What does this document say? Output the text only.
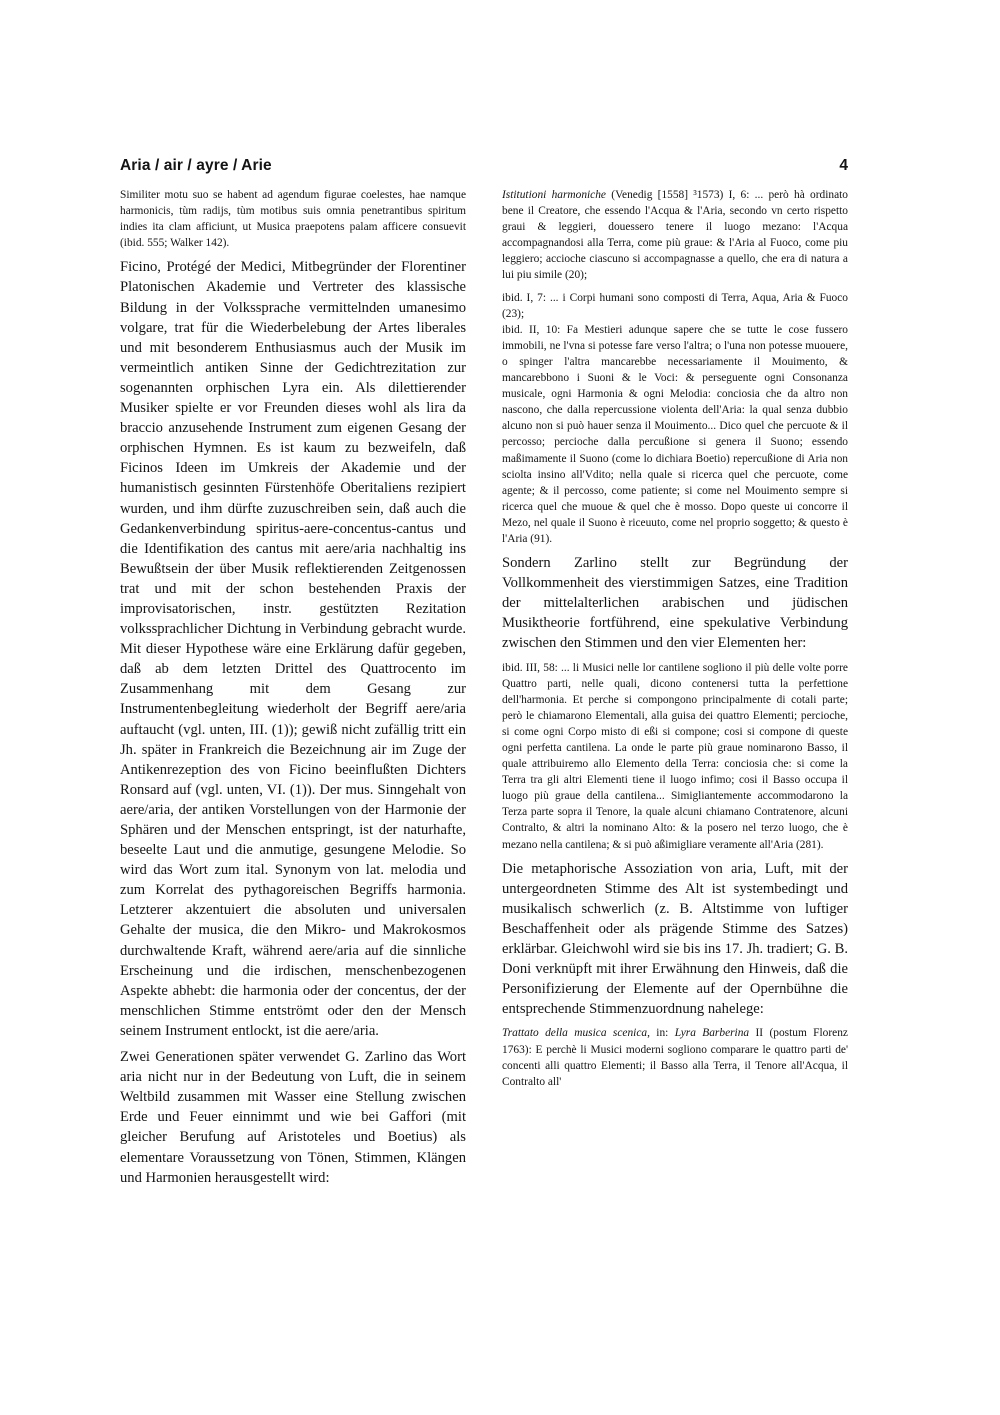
Aria / air / ayre / Arie	4

Similiter motu suo se habent ad agendum figurae coelestes, hae namque harmonicis, tùm radijs, tùm motibus suis omnia penetrantibus spiritum indies ita clam afficiunt, ut Musica praepotens palam afficere consuevit (ibid. 555; Walker 142).

Ficino, Protégé der Medici, Mitbegründer der Florentiner Platonischen Akademie und Vertreter des klassische Bildung in der Volkssprache vermittelnden umanesimo volgare, trat für die Wiederbelebung der Artes liberales und mit besonderem Enthusiasmus auch der Musik im vermeintlich antiken Sinne der Gedichtrezitation zur sogenannten orphischen Lyra ein. Als dilettierender Musiker spielte er vor Freunden dieses wohl als lira da braccio anzusehende Instrument zum eigenen Gesang der orphischen Hymnen. Es ist kaum zu bezweifeln, daß Ficinos Ideen im Umkreis der Akademie und der humanistisch gesinnten Fürstenhöfe Oberitaliens rezipiert wurden, und ihm dürfte zuzuschreiben sein, daß auch die Gedankenverbindung spiritus-aere-concentus-cantus und die Identifikation des cantus mit aere/aria nachhaltig ins Bewußtsein der über Musik reflektierenden Zeitgenossen trat und mit der schon bestehenden Praxis der improvisatorischen, instr. gestützten Rezitation volkssprachlicher Dichtung in Verbindung gebracht wurde. Mit dieser Hypothese wäre eine Erklärung dafür gegeben, daß ab dem letzten Drittel des Quattrocento im Zusammenhang mit dem Gesang zur Instrumentenbegleitung wiederholt der Begriff aere/aria auftaucht (vgl. unten, III. (1)); gewiß nicht zufällig tritt ein Jh. später in Frankreich die Bezeichnung air im Zuge der Antikenrezeption des von Ficino beeinflußten Dichters Ronsard auf (vgl. unten, VI. (1)). Der mus. Sinngehalt von aere/aria, der antiken Vorstellungen von der Harmonie der Sphären und der Menschen entspringt, ist der naturhafte, beseelte Laut und die anmutige, gesungene Melodie. So wird das Wort zum ital. Synonym von lat. melodia und zum Korrelat des pythagoreischen Begriffs harmonia. Letzterer akzentuiert die absoluten und universalen Gehalte der musica, die den Mikro- und Makrokosmos durchwaltende Kraft, während aere/aria auf die sinnliche Erscheinung und die irdischen, menschenbezogenen Aspekte abhebt: die harmonia oder der concentus, der der menschlichen Stimme entströmt oder den der Mensch seinem Instrument entlockt, ist die aere/aria.

Zwei Generationen später verwendet G. Zarlino das Wort aria nicht nur in der Bedeutung von Luft, die in seinem Weltbild zusammen mit Wasser eine Stellung zwischen Erde und Feuer einnimmt und wie bei Gaffori (mit gleicher Berufung auf Aristoteles und Boetius) als elementare Voraussetzung von Tönen, Stimmen, Klängen und Harmonien herausgestellt wird:

Istitutioni harmoniche (Venedig [1558] ³1573) I, 6: ... però hà ordinato bene il Creatore, che essendo l'Acqua & l'Aria, secondo vn certo rispetto graui & leggieri, douessero tenere il luogo mezano: l'Acqua accompagnandosi alla Terra, come più graue: & l'Aria al Fuoco, come piu leggiero; accioche ciascuno si accompagnasse a quello, che era di natura a lui piu simile (20);

ibid. I, 7: ... i Corpi humani sono composti di Terra, Aqua, Aria & Fuoco (23);

ibid. II, 10: Fa Mestieri adunque sapere che se tutte le cose fussero immobili, ne l'vna si potesse fare verso l'altra; o l'una non potesse muouere, o spinger l'altra mancarebbe necessariamente il Mouimento, & mancarebbono i Suoni & le Voci: & perseguente ogni Consonanza musicale, ogni Harmonia & ogni Melodia: conciosia che da altro non nascono, che dalla repercussione violenta dell'Aria: la qual senza dubbio alcuno non si può hauer senza il Mouimento... Dico quel che percuote & il percosso; percioche dalla percußione si genera il Suono; essendo maßimamente il Suono (come lo dichiara Boetio) repercußione di Aria non sciolta insino all'Vdito; nella quale si ricerca quel che percuote, come agente; & il percosso, come patiente; si come nel Mouimento sempre si ricerca quel che muoue & quel che è mosso. Dopo queste ui concorre il Mezo, nel quale il Suono è riceuuto, come nel proprio soggetto; & questo è l'Aria (91).

Sondern Zarlino stellt zur Begründung der Vollkommenheit des vierstimmigen Satzes, eine Tradition der mittelalterlichen arabischen und jüdischen Musiktheorie fortführend, eine spekulative Verbindung zwischen den Stimmen und den vier Elementen her:

ibid. III, 58: ... li Musici nelle lor cantilene sogliono il più delle volte porre Quattro parti, nelle quali, dicono contenersi tutta la perfettione dell'harmonia. Et perche si compongono principalmente di cotali parte; però le chiamarono Elementali, alla guisa dei quattro Elementi; percioche, si come ogni Corpo misto di eßi si compone; cosi si compone di queste ogni perfetta cantilena. La onde le parte più graue nominarono Basso, il quale attribuiremo allo Elemento della Terra: conciosia che: si come la Terra tra gli altri Elementi tiene il luogo infimo; cosi il Basso occupa il luogo più graue della cantilena... Simigliantemente accommodarono la Terza parte sopra il Tenore, la quale alcuni chiamano Contratenore, alcuni Contralto, & altri la nominano Alto: & la posero nel terzo luogo, che è mezano nella cantilena; & si può aßimigliare veramente all'Aria (281).

Die metaphorische Assoziation von aria, Luft, mit der untergeordneten Stimme des Alt ist systembedingt und musikalisch schwerlich (z. B. Altstimme von luftiger Beschaffenheit oder als prägende Stimme des Satzes) erklärbar. Gleichwohl wird sie bis ins 17. Jh. tradiert; G. B. Doni verknüpft mit ihrer Erwähnung den Hinweis, daß die Personifizierung der Elemente auf der Opernbühne die entsprechende Stimmenzuordnung nahelege:

Trattato della musica scenica, in: Lyra Barberina II (postum Florenz 1763): E perchè li Musici moderni sogliono comparare le quattro parti de' concenti alli quattro Elementi; il Basso alla Terra, il Tenore all'Acqua, il Contralto all'
